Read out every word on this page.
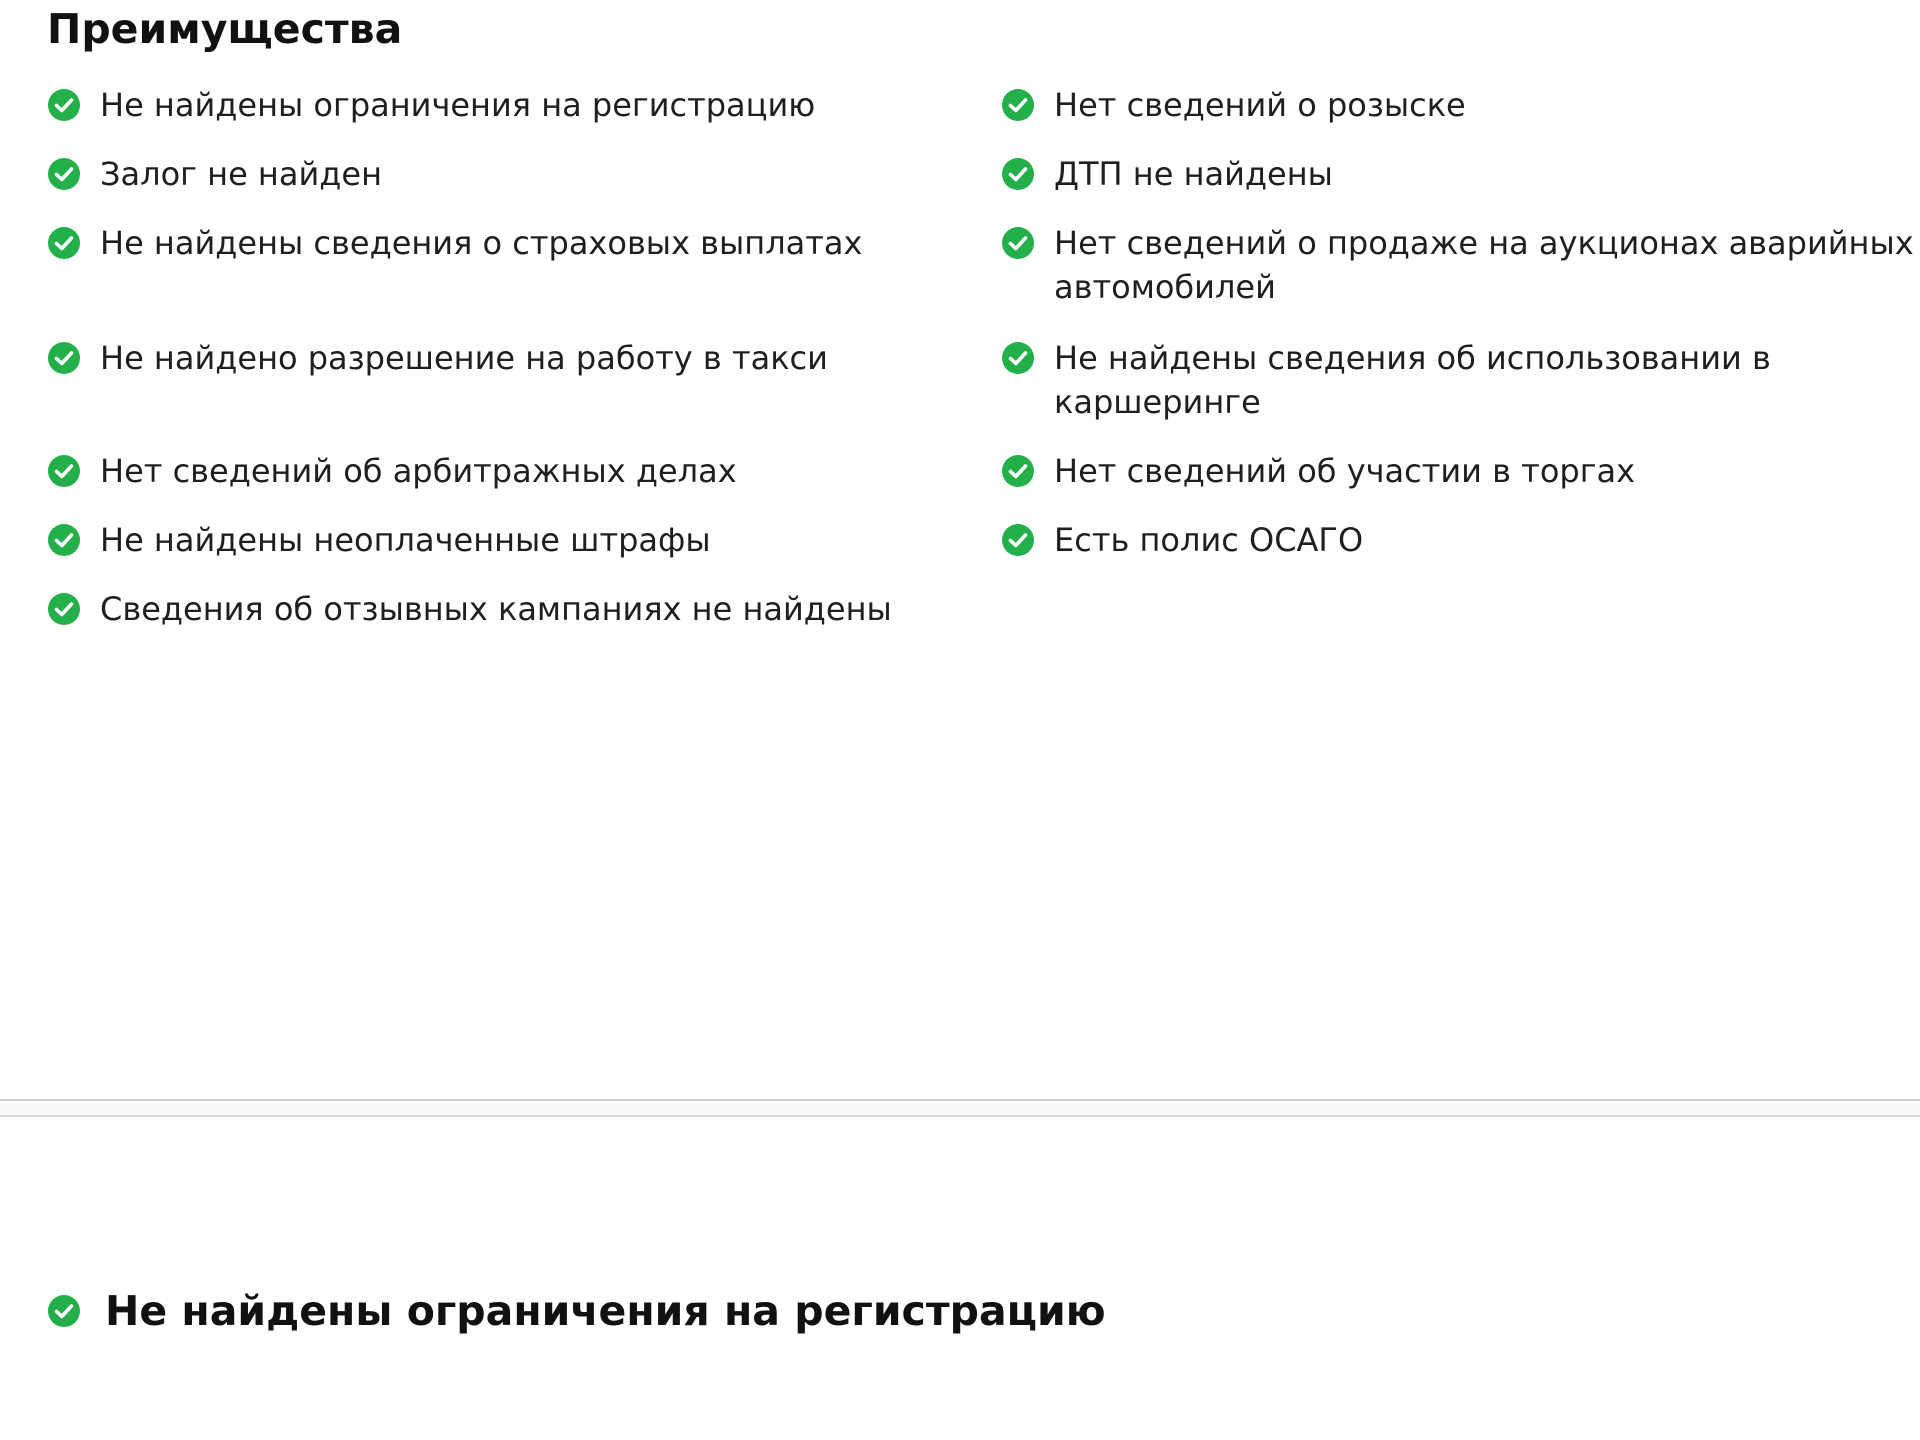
Преимущества
Не найдены ограничения на регистрацию
Залог не найден
Не найдены сведения о страховых выплатах
Не найдено разрешение на работу в такси
Нет сведений об арбитражных делах
Не найдены неоплаченные штрафы
Сведения об отзывных кампаниях не найдены
Нет сведений о розыске
ДТП не найдены
Нет сведений о продаже на аукционах аварийных автомобилей
Не найдены сведения об использовании в каршеринге
Нет сведений об участии в торгах
Есть полис ОСАГО
Не найдены ограничения на регистрацию
